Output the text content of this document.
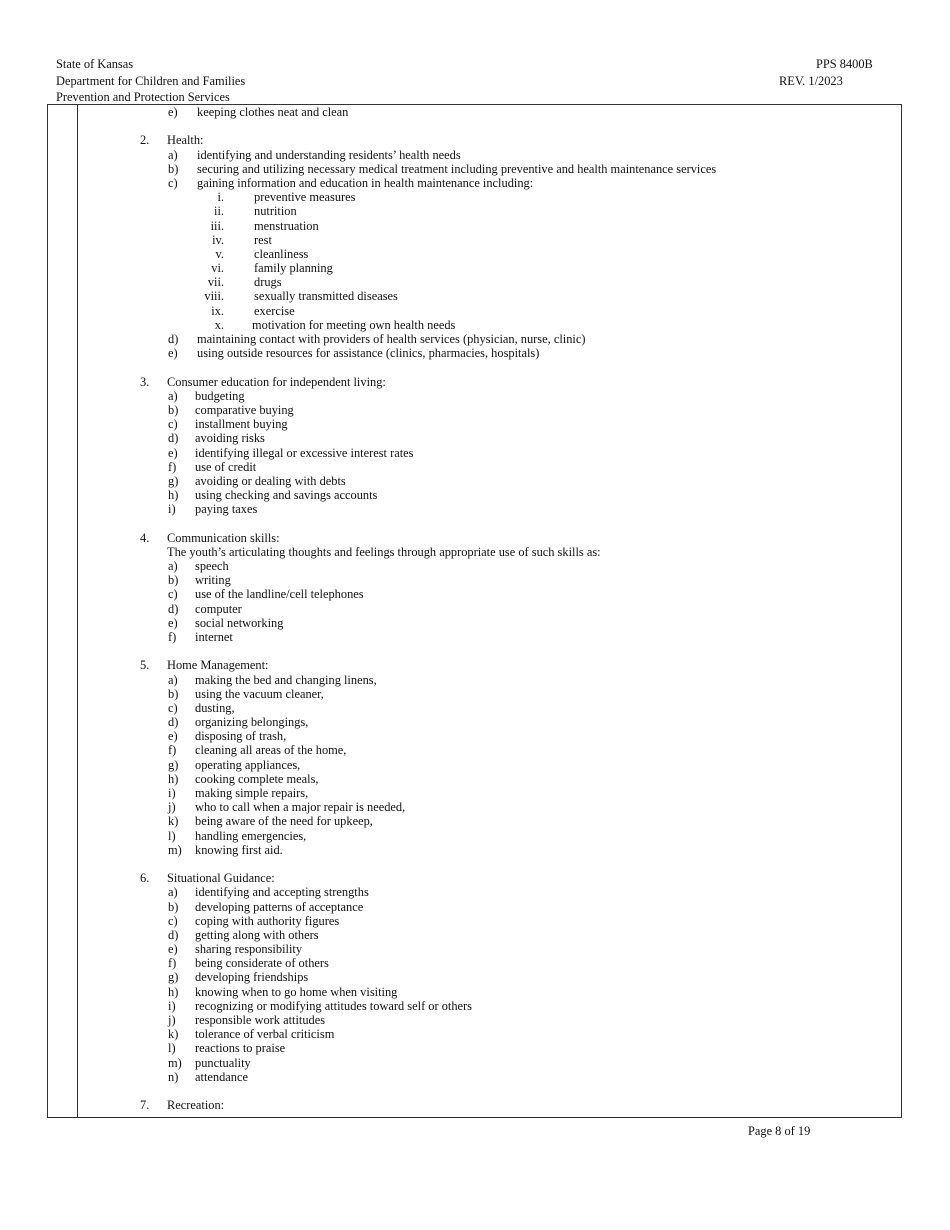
State of Kansas
Department for Children and Families
Prevention and Protection Services
PPS 8400B
REV. 1/2023
e) keeping clothes neat and clean
2. Health:
a) identifying and understanding residents’ health needs
b) securing and utilizing necessary medical treatment including preventive and health maintenance services
c) gaining information and education in health maintenance including:
i. preventive measures
ii. nutrition
iii. menstruation
iv. rest
v. cleanliness
vi. family planning
vii. drugs
viii. sexually transmitted diseases
ix. exercise
x. motivation for meeting own health needs
d) maintaining contact with providers of health services (physician, nurse, clinic)
e) using outside resources for assistance (clinics, pharmacies, hospitals)
3. Consumer education for independent living:
a) budgeting
b) comparative buying
c) installment buying
d) avoiding risks
e) identifying illegal or excessive interest rates
f) use of credit
g) avoiding or dealing with debts
h) using checking and savings accounts
i) paying taxes
4. Communication skills:
The youth’s articulating thoughts and feelings through appropriate use of such skills as:
a) speech
b) writing
c) use of the landline/cell telephones
d) computer
e) social networking
f) internet
5. Home Management:
a) making the bed and changing linens,
b) using the vacuum cleaner,
c) dusting,
d) organizing belongings,
e) disposing of trash,
f) cleaning all areas of the home,
g) operating appliances,
h) cooking complete meals,
i) making simple repairs,
j) who to call when a major repair is needed,
k) being aware of the need for upkeep,
l) handling emergencies,
m) knowing first aid.
6. Situational Guidance:
a) identifying and accepting strengths
b) developing patterns of acceptance
c) coping with authority figures
d) getting along with others
e) sharing responsibility
f) being considerate of others
g) developing friendships
h) knowing when to go home when visiting
i) recognizing or modifying attitudes toward self or others
j) responsible work attitudes
k) tolerance of verbal criticism
l) reactions to praise
m) punctuality
n) attendance
7. Recreation:
Page 8 of 19
